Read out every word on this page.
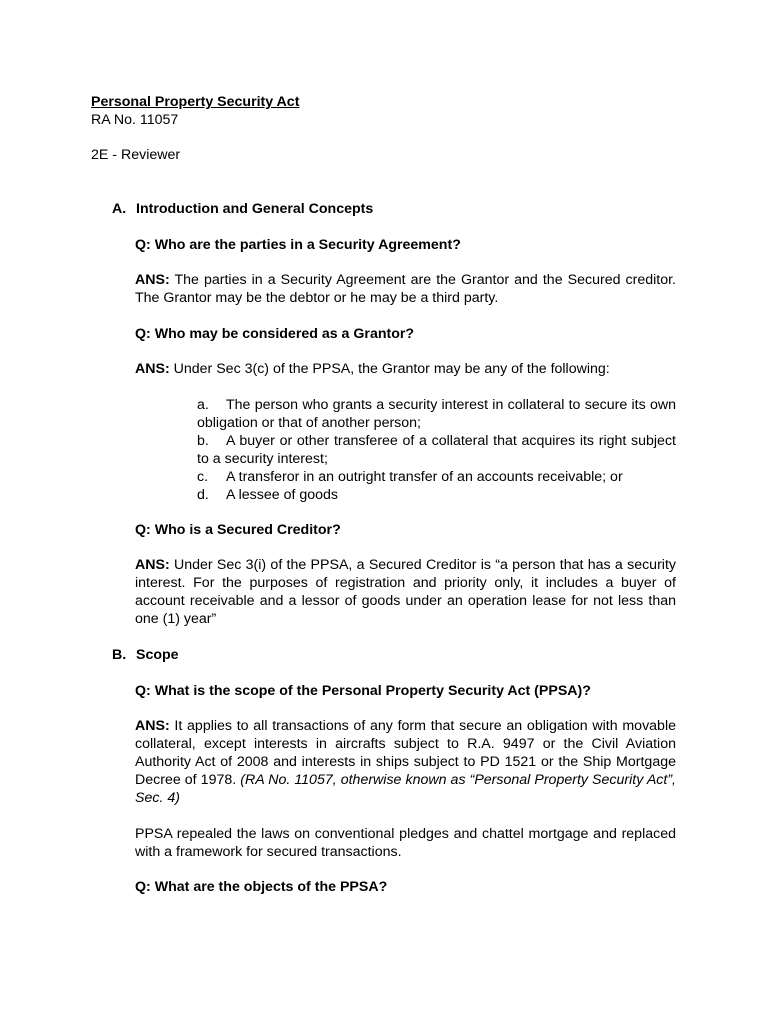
Personal Property Security Act
RA No. 11057
2E - Reviewer
A. Introduction and General Concepts
Q: Who are the parties in a Security Agreement?
ANS: The parties in a Security Agreement are the Grantor and the Secured creditor. The Grantor may be the debtor or he may be a third party.
Q: Who may be considered as a Grantor?
ANS: Under Sec 3(c) of the PPSA, the Grantor may be any of the following:
a. The person who grants a security interest in collateral to secure its own obligation or that of another person;
b. A buyer or other transferee of a collateral that acquires its right subject to a security interest;
c. A transferor in an outright transfer of an accounts receivable; or
d. A lessee of goods
Q: Who is a Secured Creditor?
ANS: Under Sec 3(i) of the PPSA, a Secured Creditor is “a person that has a security interest. For the purposes of registration and priority only, it includes a buyer of account receivable and a lessor of goods under an operation lease for not less than one (1) year”
B. Scope
Q: What is the scope of the Personal Property Security Act (PPSA)?
ANS: It applies to all transactions of any form that secure an obligation with movable collateral, except interests in aircrafts subject to R.A. 9497 or the Civil Aviation Authority Act of 2008 and interests in ships subject to PD 1521 or the Ship Mortgage Decree of 1978. (RA No. 11057, otherwise known as “Personal Property Security Act”, Sec. 4)
PPSA repealed the laws on conventional pledges and chattel mortgage and replaced with a framework for secured transactions.
Q: What are the objects of the PPSA?
